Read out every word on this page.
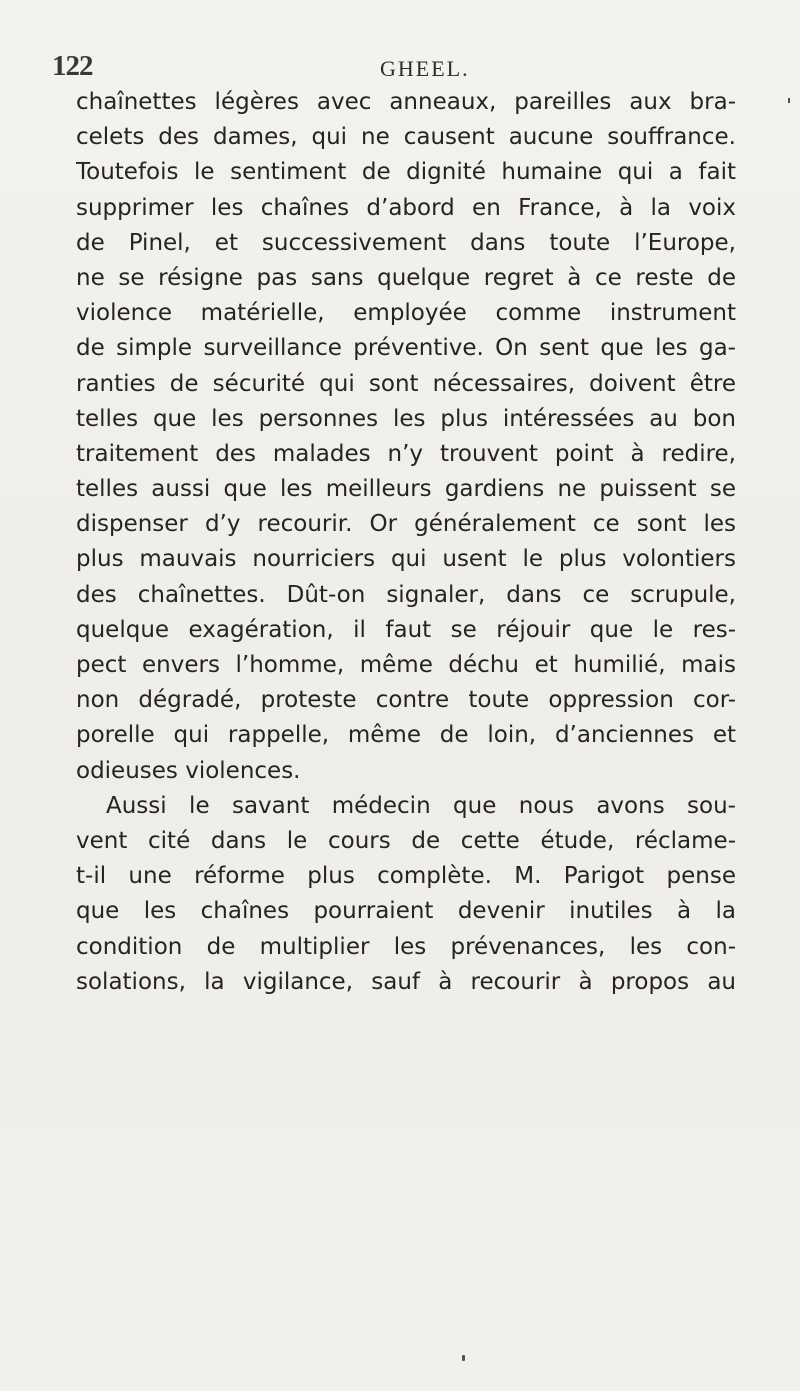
122	GHEEL.
chaînettes légères avec anneaux, pareilles aux bra-
celets des dames, qui ne causent aucune souffrance.
Toutefois le sentiment de dignité humaine qui a fait
supprimer les chaînes d’abord en France, à la voix
de Pinel, et successivement dans toute l’Europe,
ne se résigne pas sans quelque regret à ce reste de
violence matérielle, employée comme instrument
de simple surveillance préventive. On sent que les ga-
ranties de sécurité qui sont nécessaires, doivent être
telles que les personnes les plus intéressées au bon
traitement des malades n’y trouvent point à redire,
telles aussi que les meilleurs gardiens ne puissent se
dispenser d’y recourir. Or généralement ce sont les
plus mauvais nourriciers qui usent le plus volontiers
des chaînettes. Dût-on signaler, dans ce scrupule,
quelque exagération, il faut se réjouir que le res-
pect envers l’homme, même déchu et humilié, mais
non dégradé, proteste contre toute oppression cor-
porelle qui rappelle, même de loin, d’anciennes et
odieuses violences.
Aussi le savant médecin que nous avons sou-
vent cité dans le cours de cette étude, réclame-
t-il une réforme plus complète. M. Parigot pense
que les chaînes pourraient devenir inutiles à la
condition de multiplier les prévenances, les con-
solations, la vigilance, sauf à recourir à propos au
